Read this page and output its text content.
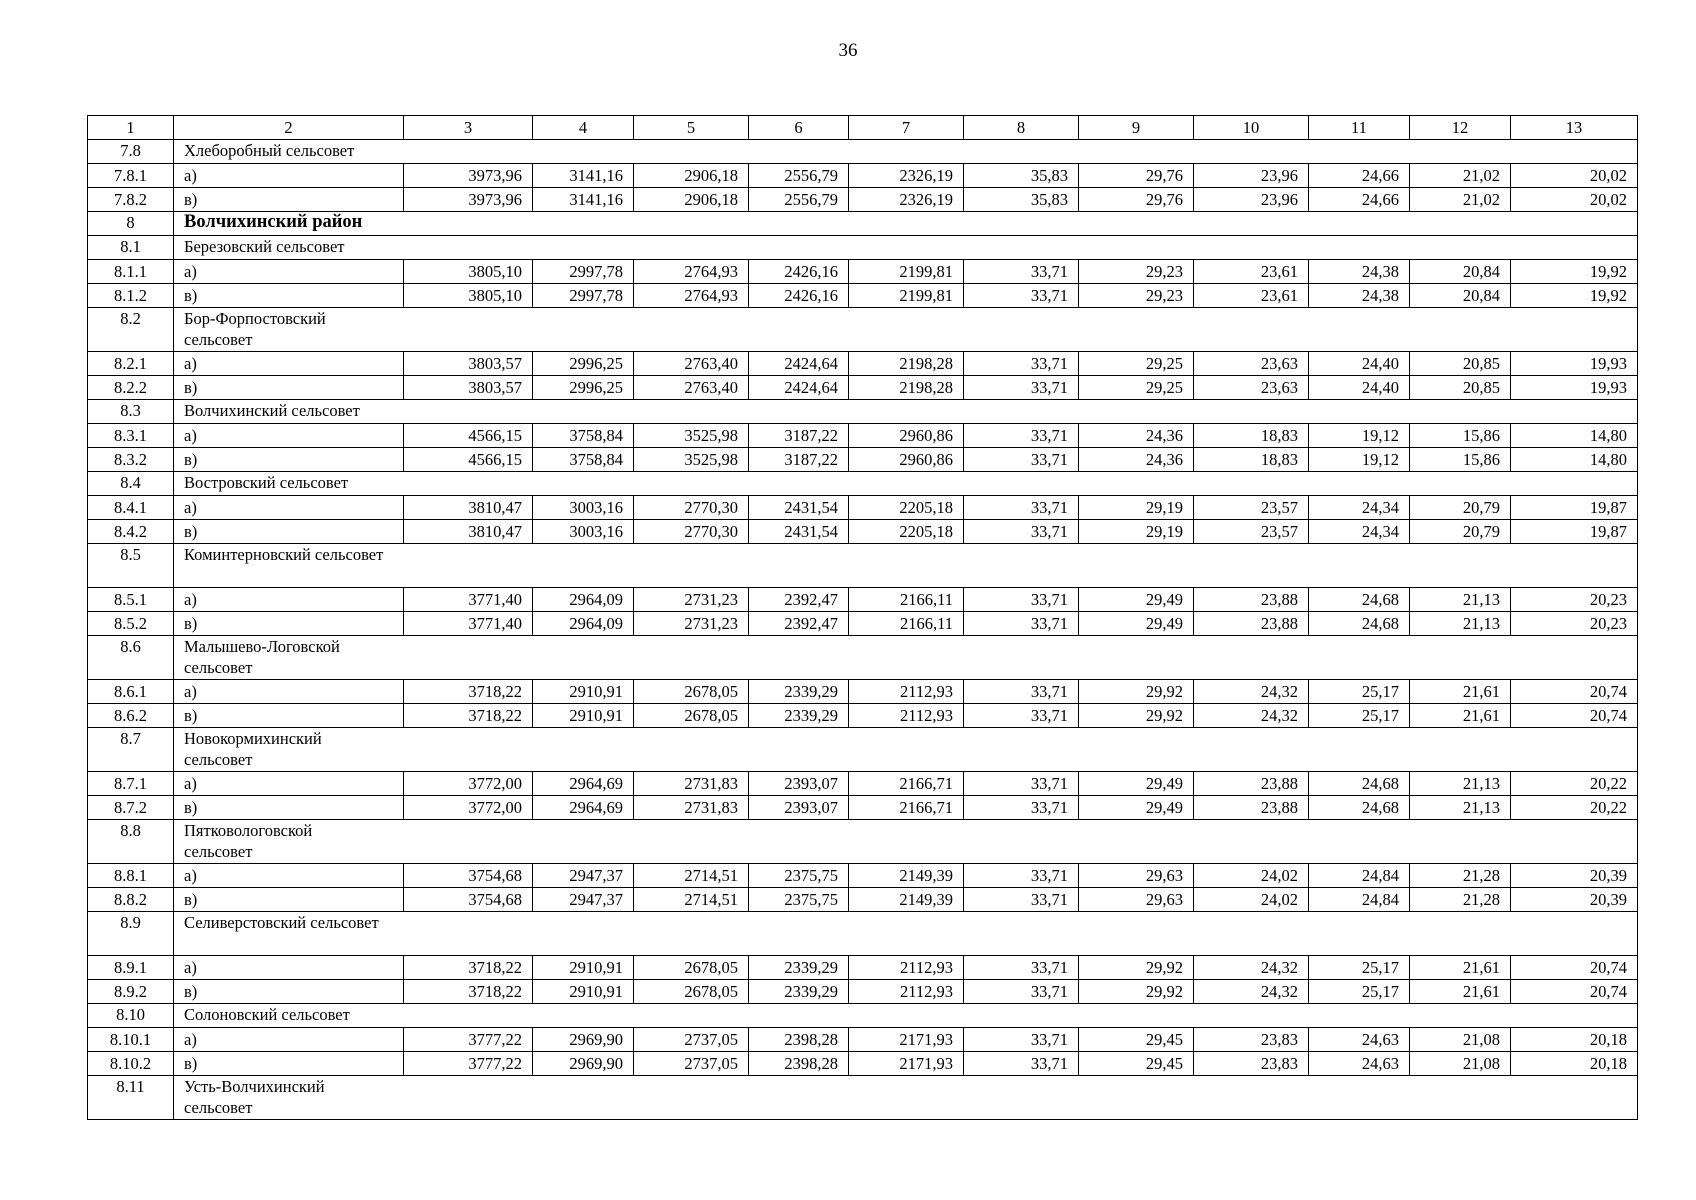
36
1	2	3	4	5	6	7	8	9	10	11	12	13
7.8	Хлеборобный сельсовет											
7.8.1	а)	3973,96	3141,16	2906,18	2556,79	2326,19	35,83	29,76	23,96	24,66	21,02	20,02
7.8.2	в)	3973,96	3141,16	2906,18	2556,79	2326,19	35,83	29,76	23,96	24,66	21,02	20,02
8	Волчихинский район											
8.1	Березовский сельсовет											
8.1.1	а)	3805,10	2997,78	2764,93	2426,16	2199,81	33,71	29,23	23,61	24,38	20,84	19,92
8.1.2	в)	3805,10	2997,78	2764,93	2426,16	2199,81	33,71	29,23	23,61	24,38	20,84	19,92
8.2	Бор-Форпостовский сельсовет											

8.2.1	а)	3803,57	2996,25	2763,40	2424,64	2198,28	33,71	29,25	23,63	24,40	20,85	19,93
8.2.2	в)	3803,57	2996,25	2763,40	2424,64	2198,28	33,71	29,25	23,63	24,40	20,85	19,93
8.3	Волчихинский сельсовет											
8.3.1	а)	4566,15	3758,84	3525,98	3187,22	2960,86	33,71	24,36	18,83	19,12	15,86	14,80
8.3.2	в)	4566,15	3758,84	3525,98	3187,22	2960,86	33,71	24,36	18,83	19,12	15,86	14,80
8.4	Востровский сельсовет											
8.4.1	а)	3810,47	3003,16	2770,30	2431,54	2205,18	33,71	29,19	23,57	24,34	20,79	19,87
8.4.2	в)	3810,47	3003,16	2770,30	2431,54	2205,18	33,71	29,19	23,57	24,34	20,79	19,87
8.5	Коминтерновский сельсовет											

8.5.1	а)	3771,40	2964,09	2731,23	2392,47	2166,11	33,71	29,49	23,88	24,68	21,13	20,23
8.5.2	в)	3771,40	2964,09	2731,23	2392,47	2166,11	33,71	29,49	23,88	24,68	21,13	20,23
8.6	Малышево-Логовской сельсовет											

8.6.1	а)	3718,22	2910,91	2678,05	2339,29	2112,93	33,71	29,92	24,32	25,17	21,61	20,74
8.6.2	в)	3718,22	2910,91	2678,05	2339,29	2112,93	33,71	29,92	24,32	25,17	21,61	20,74
8.7	Новокормихинский сельсовет											

8.7.1	а)	3772,00	2964,69	2731,83	2393,07	2166,71	33,71	29,49	23,88	24,68	21,13	20,22
8.7.2	в)	3772,00	2964,69	2731,83	2393,07	2166,71	33,71	29,49	23,88	24,68	21,13	20,22
8.8	Пятковологовской сельсовет											

8.8.1	а)	3754,68	2947,37	2714,51	2375,75	2149,39	33,71	29,63	24,02	24,84	21,28	20,39
8.8.2	в)	3754,68	2947,37	2714,51	2375,75	2149,39	33,71	29,63	24,02	24,84	21,28	20,39
8.9	Селиверстовский сельсовет											

8.9.1	а)	3718,22	2910,91	2678,05	2339,29	2112,93	33,71	29,92	24,32	25,17	21,61	20,74
8.9.2	в)	3718,22	2910,91	2678,05	2339,29	2112,93	33,71	29,92	24,32	25,17	21,61	20,74
8.10	Солоновский сельсовет											
8.10.1	а)	3777,22	2969,90	2737,05	2398,28	2171,93	33,71	29,45	23,83	24,63	21,08	20,18
8.10.2	в)	3777,22	2969,90	2737,05	2398,28	2171,93	33,71	29,45	23,83	24,63	21,08	20,18
8.11	Усть-Волчихинский сельсовет											
